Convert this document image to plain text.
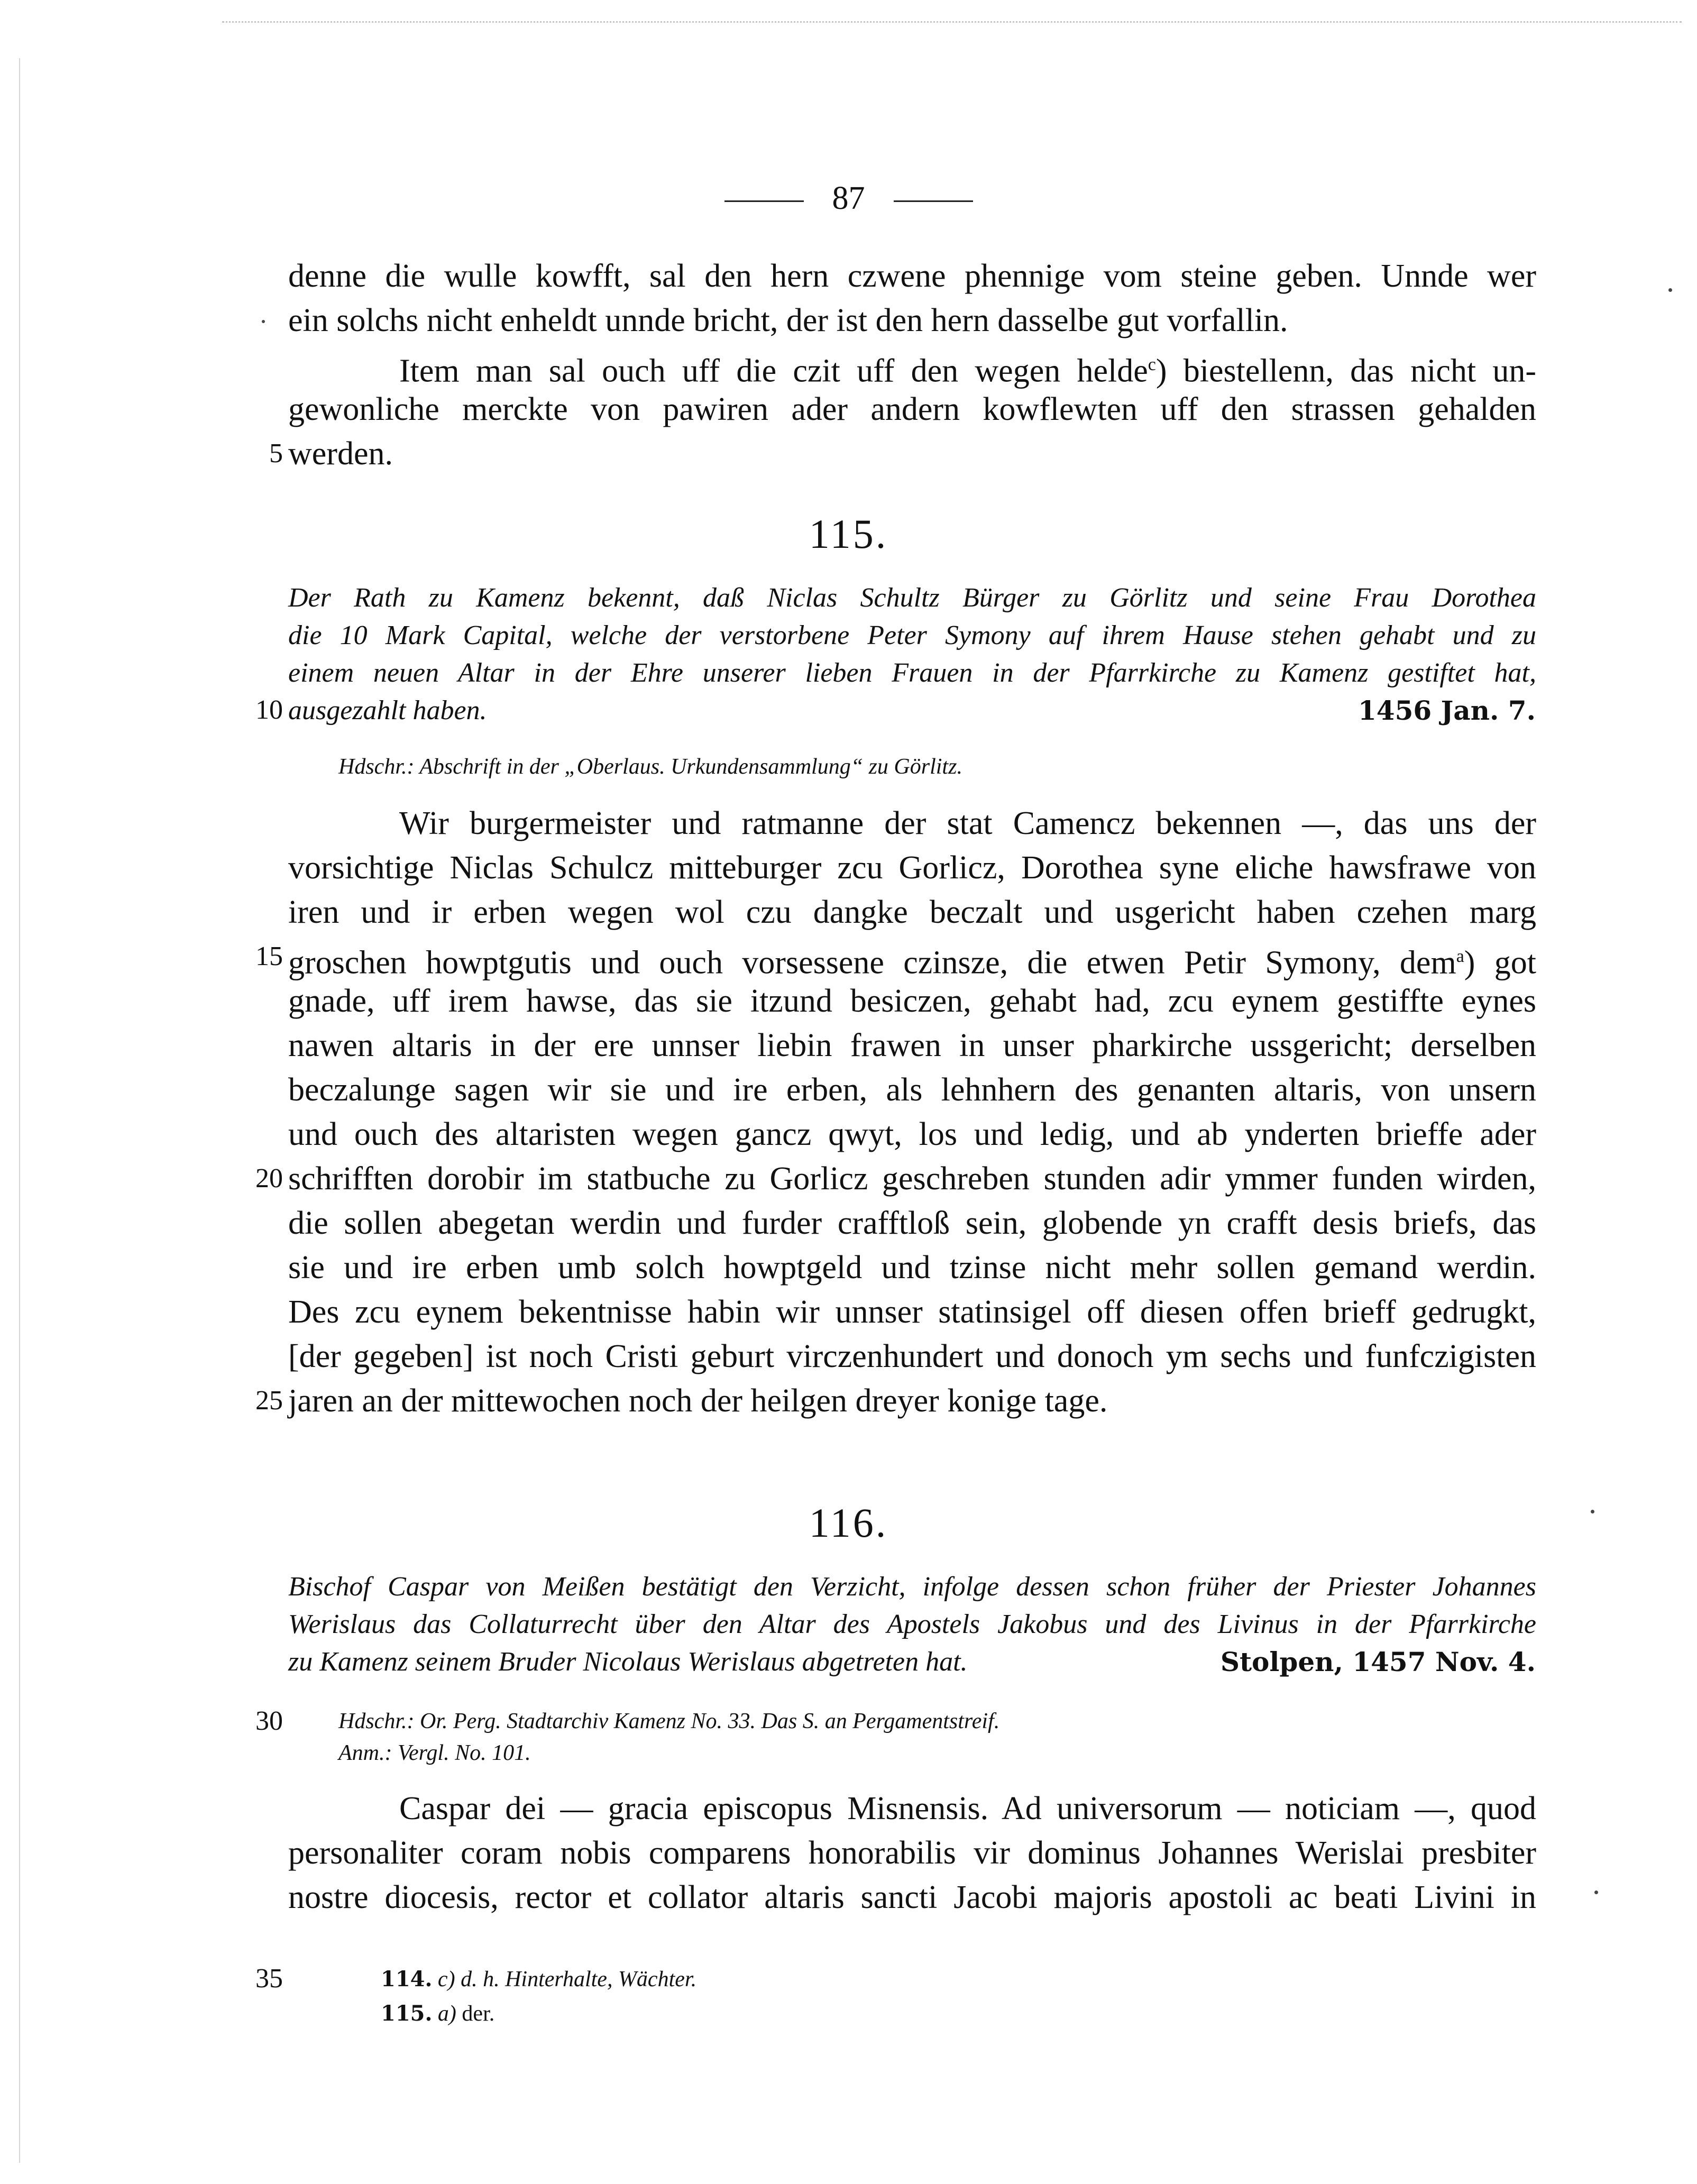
87
denne die wulle kowfft, sal den hern czwene phennige vom steine geben. Unnde wer
ein solchs nicht enheldt unnde bricht, der ist den hern dasselbe gut vorfallin.
Item man sal ouch uff die czit uff den wegen helde$^c$) biestellenn, das nicht un-
gewonliche merckte von pawiren ader andern kowflewten uff den strassen gehalden
5 werden.
115.
Der Rath zu Kamenz bekennt, daß Niclas Schultz Bürger zu Görlitz und seine Frau Dorothea
die 10 Mark Capital, welche der verstorbene Peter Symony auf ihrem Hause stehen gehabt und zu
einem neuen Altar in der Ehre unserer lieben Frauen in der Pfarrkirche zu Kamenz gestiftet hat,
10 ausgezahlt haben.	1456 Jan. 7.
Hdschr.: Abschrift in der „Oberlaus. Urkundensammlung“ zu Görlitz.
Wir burgermeister und ratmanne der stat Camencz bekennen —, das uns der
vorsichtige Niclas Schulcz mitteburger zcu Gorlicz, Dorothea syne eliche hawsfrawe von
iren und ir erben wegen wol czu dangke beczalt und usgericht haben czehen marg
15 groschen howptgutis und ouch vorsessene czinsze, die etwen Petir Symony, dem$^a$) got
gnade, uff irem hawse, das sie itzund besiczen, gehabt had, zcu eynem gestiffte eynes
nawen altaris in der ere unnser liebin frawen in unser pharkirche ussgericht; derselben
beczalunge sagen wir sie und ire erben, als lehnhern des genanten altaris, von unsern
und ouch des altaristen wegen gancz qwyt, los und ledig, und ab ynderten brieffe ader
20 schrifften dorobir im statbuche zu Gorlicz geschreben stunden adir ymmer funden wirden,
die sollen abegetan werdin und furder crafftloß sein, globende yn crafft desis briefs, das
sie und ire erben umb solch howptgeld und tzinse nicht mehr sollen gemand werdin.
Des zcu eynem bekentnisse habin wir unnser statinsigel off diesen offen brieff gedrugkt,
[der gegeben] ist noch Cristi geburt virczenhundert und donoch ym sechs und funfczigisten
25 jaren an der mittewochen noch der heilgen dreyer konige tage.
116.
Bischof Caspar von Meißen bestätigt den Verzicht, infolge dessen schon früher der Priester Johannes
Werislaus das Collaturrecht über den Altar des Apostels Jakobus und des Livinus in der Pfarrkirche
zu Kamenz seinem Bruder Nicolaus Werislaus abgetreten hat.	Stolpen, 1457 Nov. 4.
30	Hdschr.: Or. Perg. Stadtarchiv Kamenz No. 33. Das S. an Pergamentstreif.
Anm.: Vergl. No. 101.
Caspar dei — gracia episcopus Misnensis. Ad universorum — noticiam —, quod
personaliter coram nobis comparens honorabilis vir dominus Johannes Werislai presbiter
nostre diocesis, rector et collator altaris sancti Jacobi majoris apostoli ac beati Livini in
35	114. c) d. h. Hinterhalte, Wächter.
115. a) der.
